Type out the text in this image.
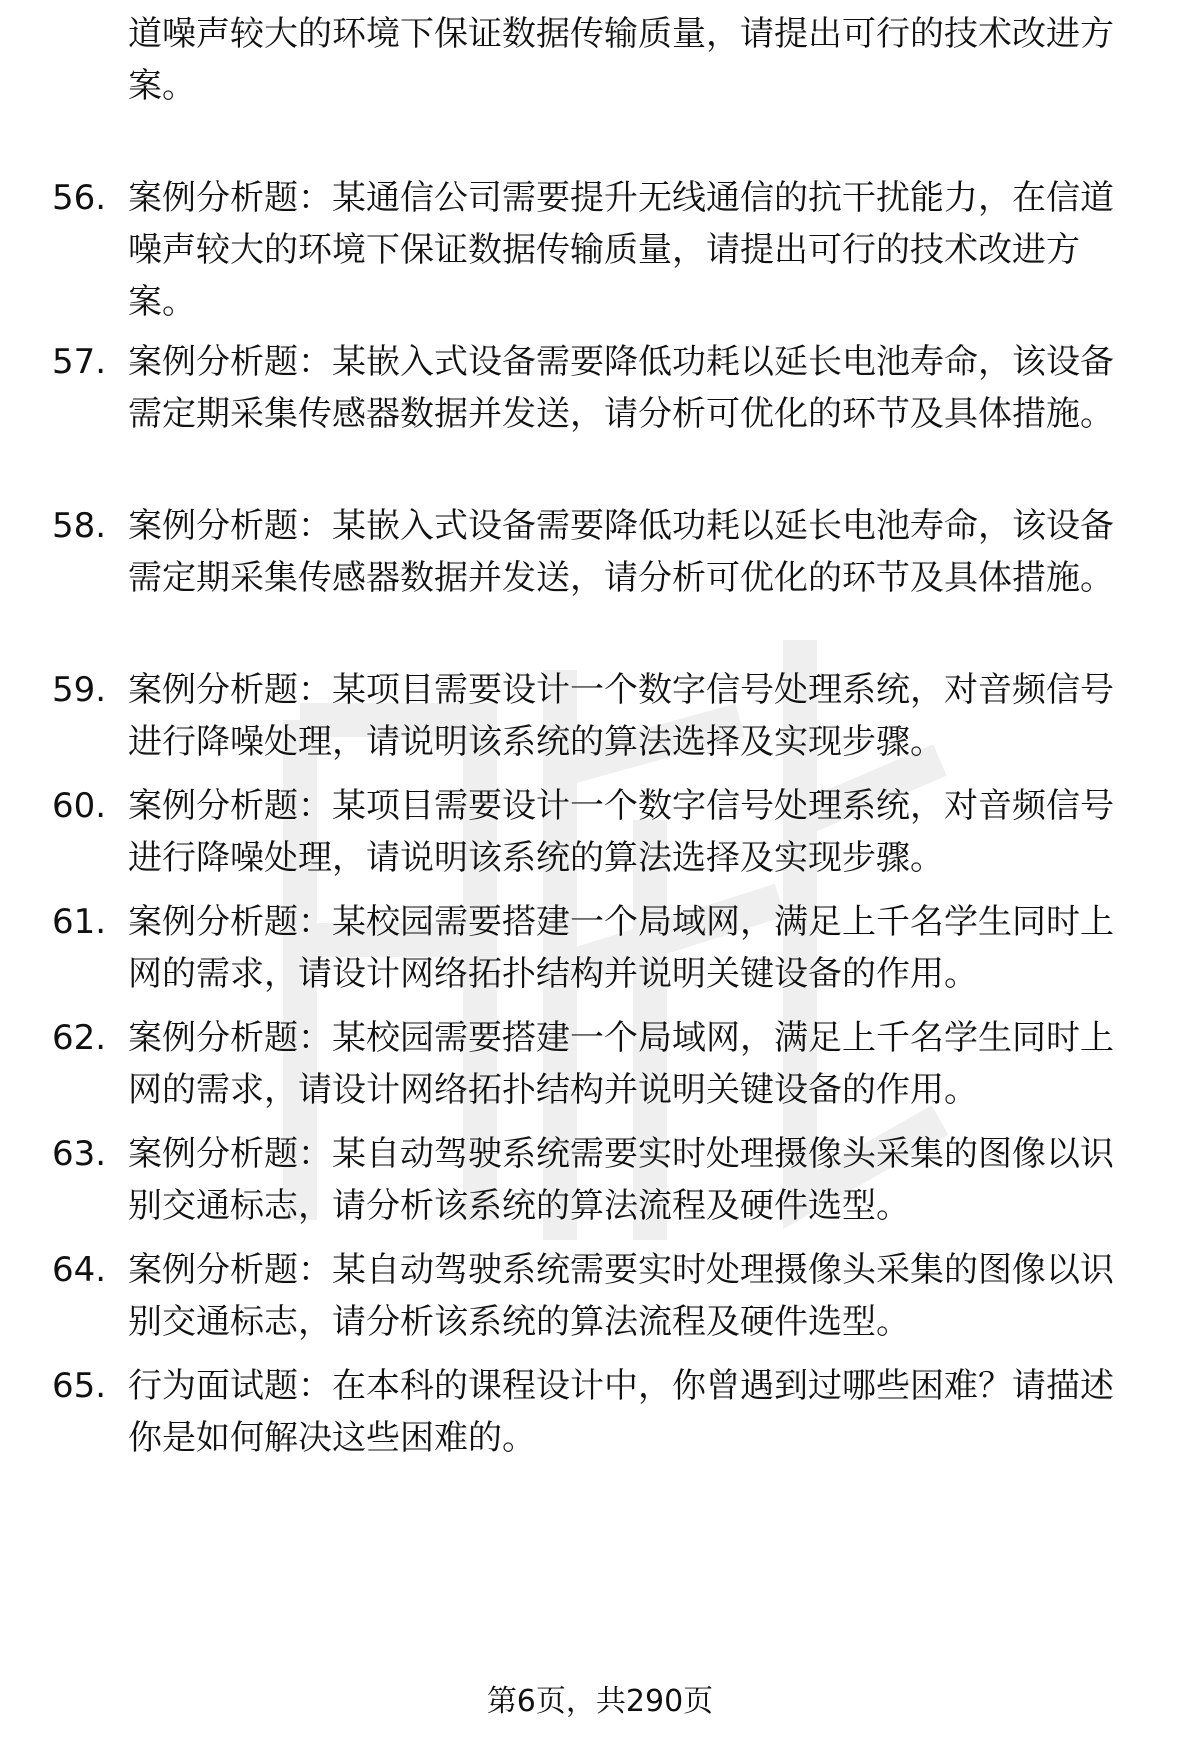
道噪声较大的环境下保证数据传输质量，请提出可行的技术改进方案。
56. 案例分析题：某通信公司需要提升无线通信的抗干扰能力，在信道噪声较大的环境下保证数据传输质量，请提出可行的技术改进方案。
57. 案例分析题：某嵌入式设备需要降低功耗以延长电池寿命，该设备需定期采集传感器数据并发送，请分析可优化的环节及具体措施。
58. 案例分析题：某嵌入式设备需要降低功耗以延长电池寿命，该设备需定期采集传感器数据并发送，请分析可优化的环节及具体措施。
59. 案例分析题：某项目需要设计一个数字信号处理系统，对音频信号进行降噪处理，请说明该系统的算法选择及实现步骤。
60. 案例分析题：某项目需要设计一个数字信号处理系统，对音频信号进行降噪处理，请说明该系统的算法选择及实现步骤。
61. 案例分析题：某校园需要搭建一个局域网，满足上千名学生同时上网的需求，请设计网络拓扑结构并说明关键设备的作用。
62. 案例分析题：某校园需要搭建一个局域网，满足上千名学生同时上网的需求，请设计网络拓扑结构并说明关键设备的作用。
63. 案例分析题：某自动驾驶系统需要实时处理摄像头采集的图像以识别交通标志，请分析该系统的算法流程及硬件选型。
64. 案例分析题：某自动驾驶系统需要实时处理摄像头采集的图像以识别交通标志，请分析该系统的算法流程及硬件选型。
65. 行为面试题：在本科的课程设计中，你曾遇到过哪些困难？请描述你是如何解决这些困难的。
第6页，共290页
